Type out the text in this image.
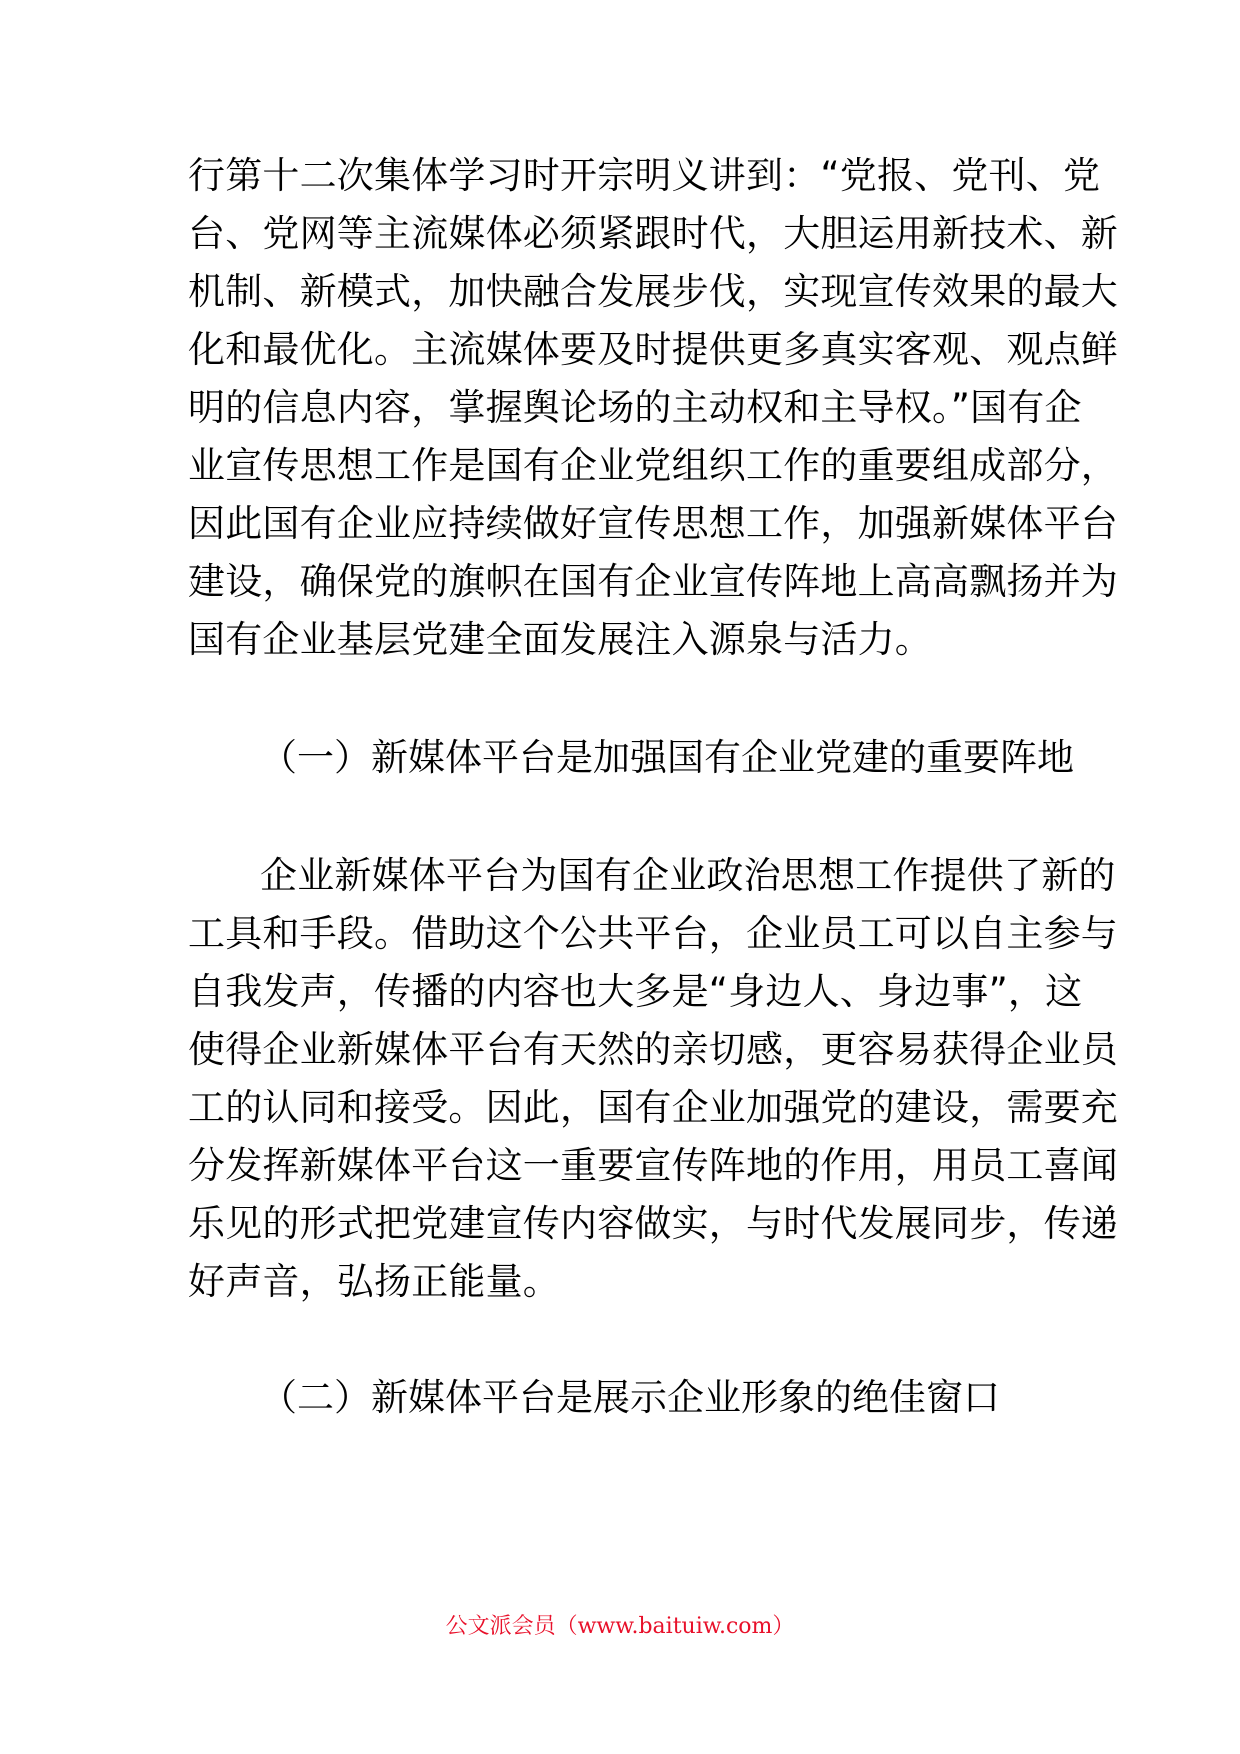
行第十二次集体学习时开宗明义讲到：“党报、党刊、党
台、党网等主流媒体必须紧跟时代，大胆运用新技术、新
机制、新模式，加快融合发展步伐，实现宣传效果的最大
化和最优化。主流媒体要及时提供更多真实客观、观点鲜
明的信息内容，掌握舆论场的主动权和主导权。”国有企
业宣传思想工作是国有企业党组织工作的重要组成部分，
因此国有企业应持续做好宣传思想工作，加强新媒体平台
建设，确保党的旗帜在国有企业宣传阵地上高高飘扬并为
国有企业基层党建全面发展注入源泉与活力。
（一）新媒体平台是加强国有企业党建的重要阵地
企业新媒体平台为国有企业政治思想工作提供了新的
工具和手段。借助这个公共平台，企业员工可以自主参与
自我发声，传播的内容也大多是“身边人、身边事”，这
使得企业新媒体平台有天然的亲切感，更容易获得企业员
工的认同和接受。因此，国有企业加强党的建设，需要充
分发挥新媒体平台这一重要宣传阵地的作用，用员工喜闻
乐见的形式把党建宣传内容做实，与时代发展同步，传递
好声音，弘扬正能量。
（二）新媒体平台是展示企业形象的绝佳窗口
公文派会员（www.baituiw.com）
